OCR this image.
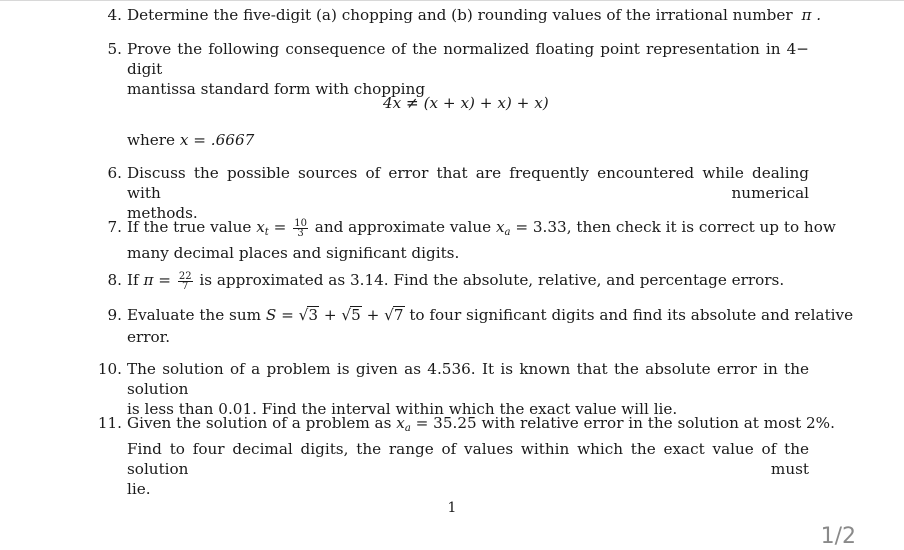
4. Determine the five-digit (a) chopping and (b) rounding values of the irrational number π .
5. Prove the following consequence of the normalized floating point representation in 4− digit
mantissa standard form with chopping
4x ≠ (x + x) + x) + x)
where x = .6667
6. Discuss the possible sources of error that are frequently encountered while dealing with numerical
methods.
7. If the true value $x_t = \frac{10}{3}$ and approximate value $x_a = 3.33$, then check it is correct up to how
many decimal places and significant digits.
8. If $\pi = \frac{22}{7}$ is approximated as 3.14. Find the absolute, relative, and percentage errors.
9. Evaluate the sum S = √3 + √5 + √7 to four significant digits and find its absolute and relative
error.
10. The solution of a problem is given as 4.536. It is known that the absolute error in the solution
is less than 0.01. Find the interval within which the exact value will lie.
11. Given the solution of a problem as $x_a = 35.25$ with relative error in the solution at most 2%.
Find to four decimal digits, the range of values within which the exact value of the solution must
lie.
1
1/2
